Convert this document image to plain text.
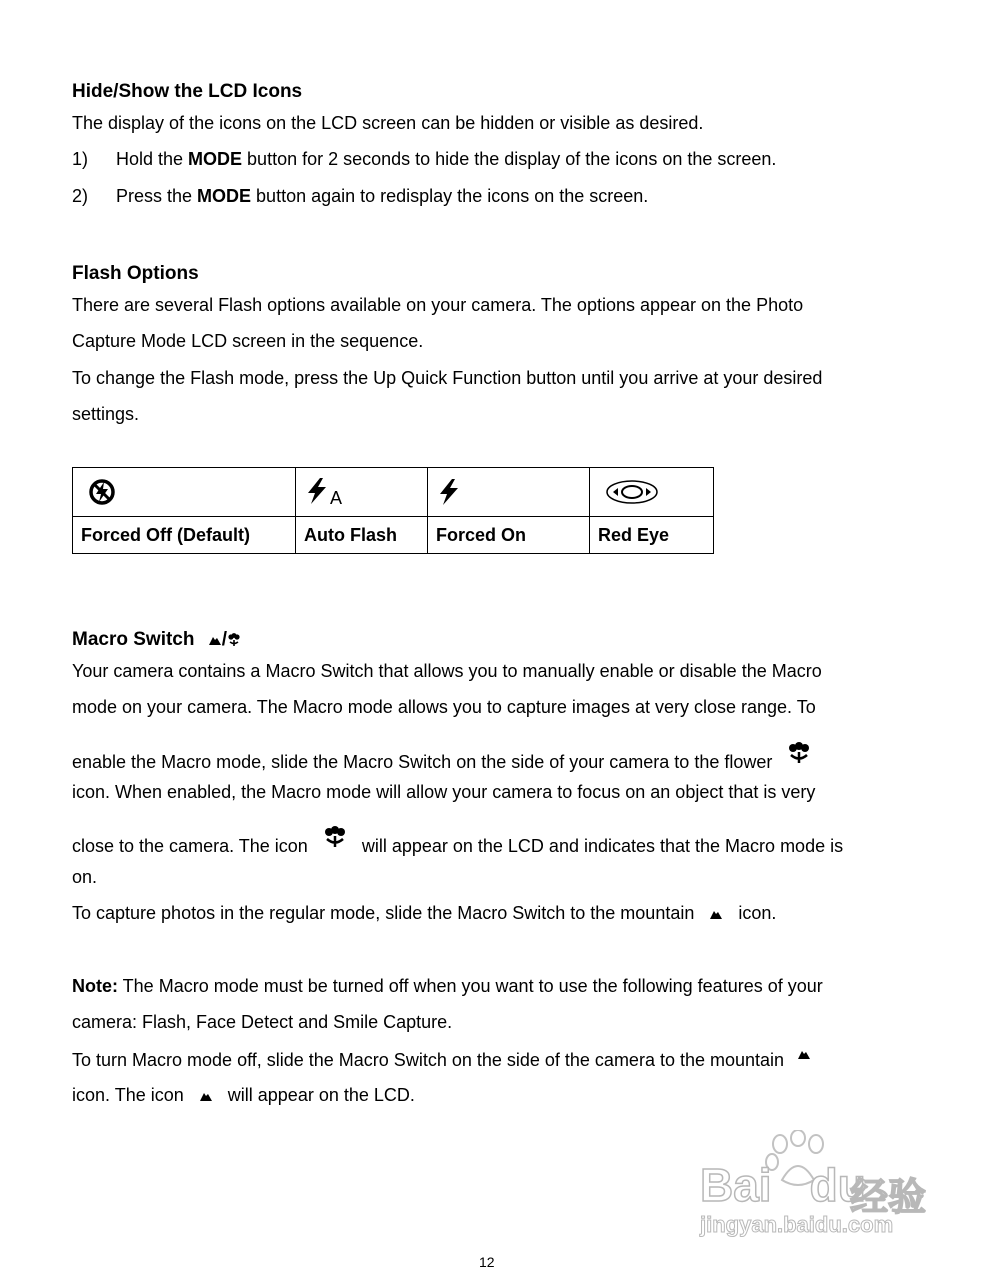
Hide/Show the LCD Icons
The display of the icons on the LCD screen can be hidden or visible as desired.
1) Hold the MODE button for 2 seconds to hide the display of the icons on the screen.
2) Press the MODE button again to redisplay the icons on the screen.
Flash Options
There are several Flash options available on your camera. The options appear on the Photo
Capture Mode LCD screen in the sequence.
To change the Flash mode, press the Up Quick Function button until you arrive at your desired
settings.
	A		
Forced Off (Default)	Auto Flash	Forced On	Red Eye
Macro Switch /
Your camera contains a Macro Switch that allows you to manually enable or disable the Macro
mode on your camera. The Macro mode allows you to capture images at very close range. To
enable the Macro mode, slide the Macro Switch on the side of your camera to the flower
icon. When enabled, the Macro mode will allow your camera to focus on an object that is very
close to the camera. The icon	will appear on the LCD and indicates that the Macro mode is
on.
To capture photos in the regular mode, slide the Macro Switch to the mountain icon.
Note: The Macro mode must be turned off when you want to use the following features of your
camera: Flash, Face Detect and Smile Capture.
To turn Macro mode off, slide the Macro Switch on the side of the camera to the mountain
icon. The icon will appear on the LCD.
Bai du
经验
jingyan.baidu.com
12
